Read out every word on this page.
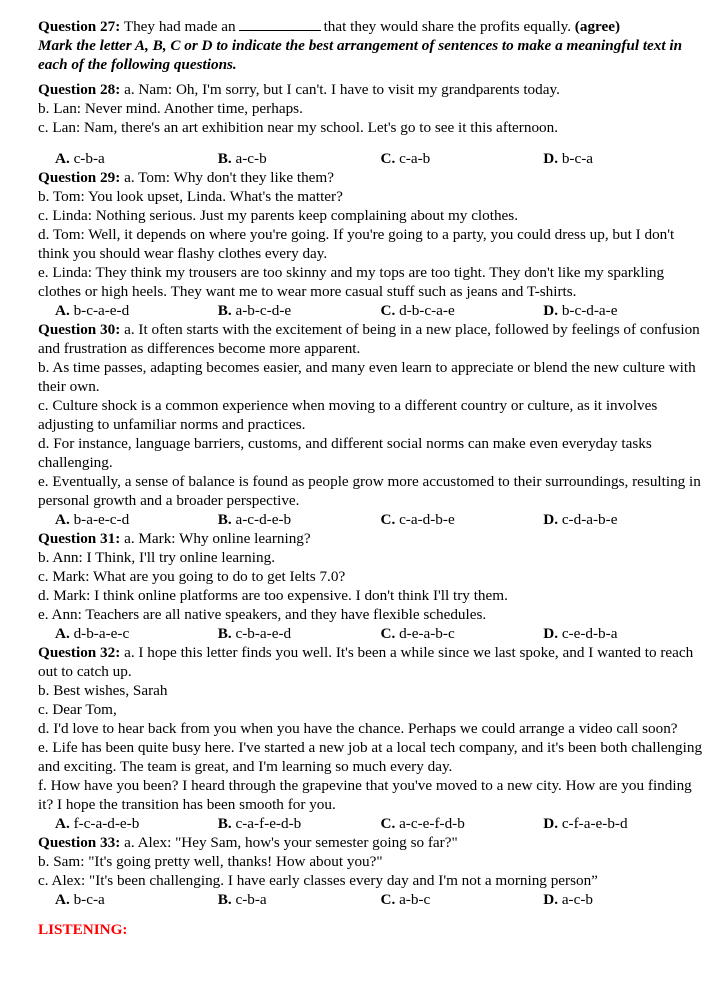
Question 27: They had made an	that they would share the profits equally. (agree)

Mark the letter A, B, C or D to indicate the best arrangement of sentences to make a meaningful text in each of the following questions.

Question 28: a. Nam: Oh, I'm sorry, but I can't. I have to visit my grandparents today.

b. Lan: Never mind. Another time, perhaps.

c. Lan: Nam, there's an art exhibition near my school. Let's go to see it this afternoon.

A. c-b-a	B. a-c-b	C. c-a-b	D. b-c-a

Question 29: a. Tom: Why don't they like them?

b. Tom: You look upset, Linda. What's the matter?

c. Linda: Nothing serious. Just my parents keep complaining about my clothes.

d. Tom: Well, it depends on where you're going. If you're going to a party, you could dress up, but I don't think you should wear flashy clothes every day.

e. Linda: They think my trousers are too skinny and my tops are too tight. They don't like my sparkling clothes or high heels. They want me to wear more casual stuff such as jeans and T-shirts.

A. b-c-a-e-d	B. a-b-c-d-e	C. d-b-c-a-e	D. b-c-d-a-e

Question 30: a. It often starts with the excitement of being in a new place, followed by feelings of confusion and frustration as differences become more apparent.

b. As time passes, adapting becomes easier, and many even learn to appreciate or blend the new culture with their own.

c. Culture shock is a common experience when moving to a different country or culture, as it involves adjusting to unfamiliar norms and practices.

d. For instance, language barriers, customs, and different social norms can make even everyday tasks challenging.

e. Eventually, a sense of balance is found as people grow more accustomed to their surroundings, resulting in personal growth and a broader perspective.

A. b-a-e-c-d	B. a-c-d-e-b	C. c-a-d-b-e	D. c-d-a-b-e

Question 31: a. Mark: Why online learning?

b. Ann: I Think, I'll try online learning.

c. Mark: What are you going to do to get Ielts 7.0?

d. Mark: I think online platforms are too expensive. I don't think I'll try them.

e. Ann: Teachers are all native speakers, and they have flexible schedules.

A. d-b-a-e-c	B. c-b-a-e-d	C. d-e-a-b-c	D. c-e-d-b-a

Question 32: a. I hope this letter finds you well. It's been a while since we last spoke, and I wanted to reach out to catch up.

b. Best wishes, Sarah

c. Dear Tom,

d. I'd love to hear back from you when you have the chance. Perhaps we could arrange a video call soon?

e. Life has been quite busy here. I've started a new job at a local tech company, and it's been both challenging and exciting. The team is great, and I'm learning so much every day.

f. How have you been? I heard through the grapevine that you've moved to a new city. How are you finding it? I hope the transition has been smooth for you.

A. f-c-a-d-e-b	B. c-a-f-e-d-b	C. a-c-e-f-d-b	D. c-f-a-e-b-d

Question 33: a. Alex: "Hey Sam, how's your semester going so far?"

b. Sam: "It's going pretty well, thanks! How about you?"

c. Alex: "It's been challenging. I have early classes every day and I'm not a morning person”

A. b-c-a	B. c-b-a	C. a-b-c	D. a-c-b

LISTENING:
